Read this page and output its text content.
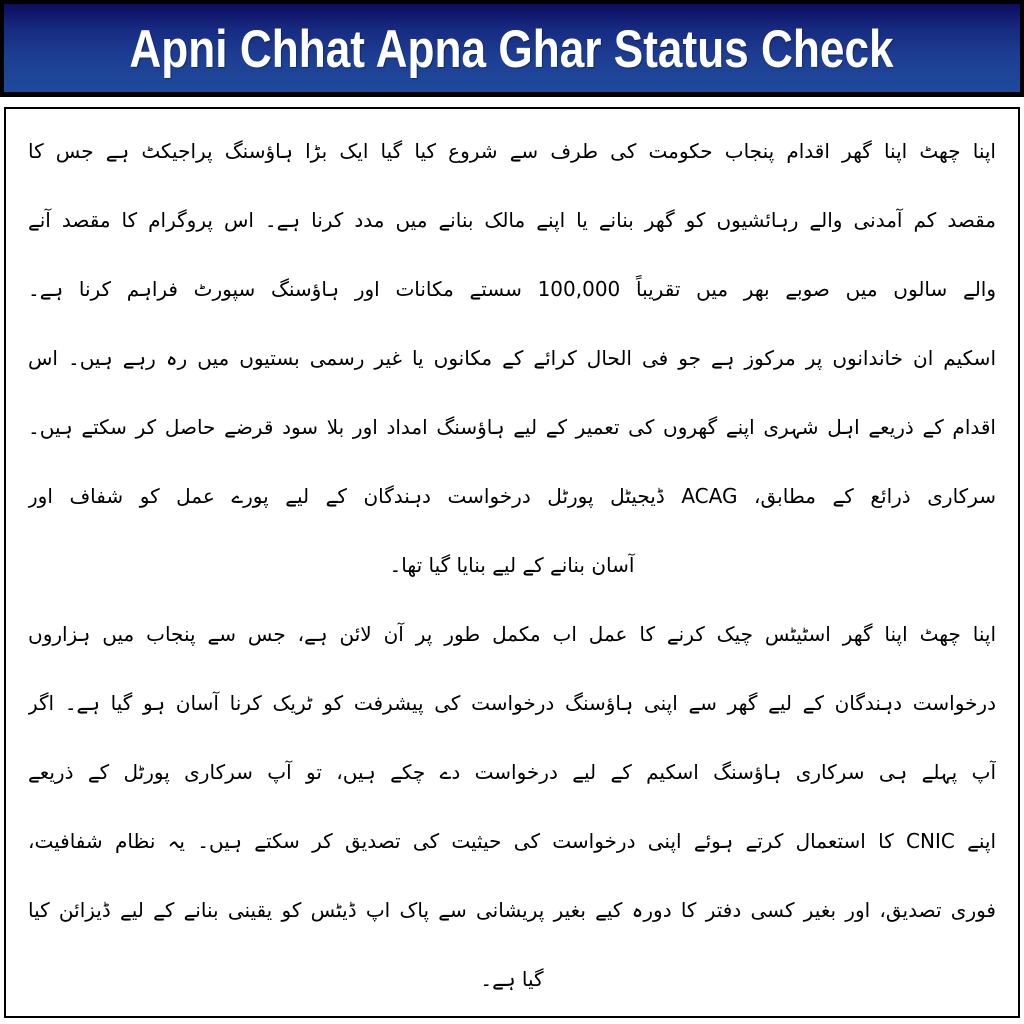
Apni Chhat Apna Ghar Status Check
اپنا چھٹ اپنا گھر اقدام پنجاب حکومت کی طرف سے شروع کیا گیا ایک بڑا ہاؤسنگ پراجیکٹ ہے جس کا
مقصد کم آمدنی والے رہائشیوں کو گھر بنانے یا اپنے مالک بنانے میں مدد کرنا ہے۔ اس پروگرام کا مقصد آنے
والے سالوں میں صوبے بھر میں تقریباً 100,000 سستے مکانات اور ہاؤسنگ سپورٹ فراہم کرنا ہے۔
اسکیم ان خاندانوں پر مرکوز ہے جو فی الحال کرائے کے مکانوں یا غیر رسمی بستیوں میں رہ رہے ہیں۔ اس
اقدام کے ذریعے اہل شہری اپنے گھروں کی تعمیر کے لیے ہاؤسنگ امداد اور بلا سود قرضے حاصل کر سکتے ہیں۔
سرکاری ذرائع کے مطابق، ACAG ڈیجیٹل پورٹل درخواست دہندگان کے لیے پورے عمل کو شفاف اور
آسان بنانے کے لیے بنایا گیا تھا۔
اپنا چھٹ اپنا گھر اسٹیٹس چیک کرنے کا عمل اب مکمل طور پر آن لائن ہے، جس سے پنجاب میں ہزاروں
درخواست دہندگان کے لیے گھر سے اپنی ہاؤسنگ درخواست کی پیشرفت کو ٹریک کرنا آسان ہو گیا ہے۔ اگر
آپ پہلے ہی سرکاری ہاؤسنگ اسکیم کے لیے درخواست دے چکے ہیں، تو آپ سرکاری پورٹل کے ذریعے
اپنے CNIC کا استعمال کرتے ہوئے اپنی درخواست کی حیثیت کی تصدیق کر سکتے ہیں۔ یہ نظام شفافیت،
فوری تصدیق، اور بغیر کسی دفتر کا دورہ کیے بغیر پریشانی سے پاک اپ ڈیٹس کو یقینی بنانے کے لیے ڈیزائن کیا
گیا ہے۔
